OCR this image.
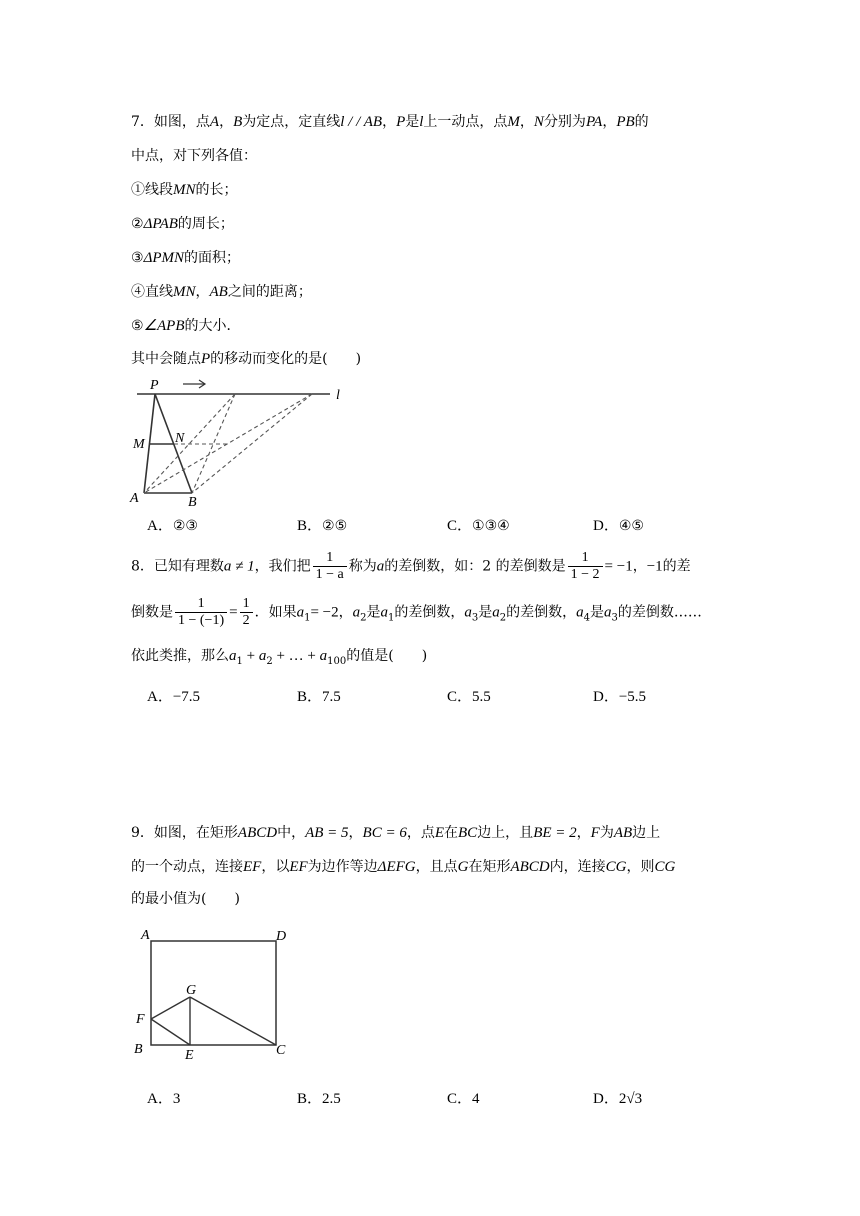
7．如图，点A，B为定点，定直线l / / AB，P是l上一动点，点M，N分别为PA，PB的
中点，对下列各值：
①线段MN的长；
②ΔPAB的周长；
③ΔPMN的面积；
④直线MN，AB之间的距离；
⑤∠APB的大小．
其中会随点P的移动而变化的是(　　)
P
l
M N
A	B
A．②③	B．②⑤	C．①③④	D．④⑤
8．已知有理数a ≠ 1，我们把 $\frac{1}{1 - a}$ 称为a的差倒数，如：2 的差倒数是 $\frac{1}{1 - 2} = -1$，−1的差
倒数是 $\frac{1}{1 - (-1)} = \frac{1}{2}$ ．如果$a_1= -2$，$a_2$是$a_1$的差倒数，$a_3$是$a_2$的差倒数，$a_4$是$a_3$的差倒数……
依此类推，那么$a_1 + a_2$ + … + $a_{100}$的值是(　　)
A．−7.5	B．7.5	C．5.5	D．−5.5
9．如图，在矩形ABCD中，AB = 5，BC = 6，点E在BC边上，且BE = 2，F为AB边上
的一个动点，连接EF，以EF为边作等边ΔEFG，且点G在矩形ABCD内，连接CG，则CG
的最小值为(　　)
A	D
G
F
B	E	C
A．3	B．2.5	C．4	D．2√3
